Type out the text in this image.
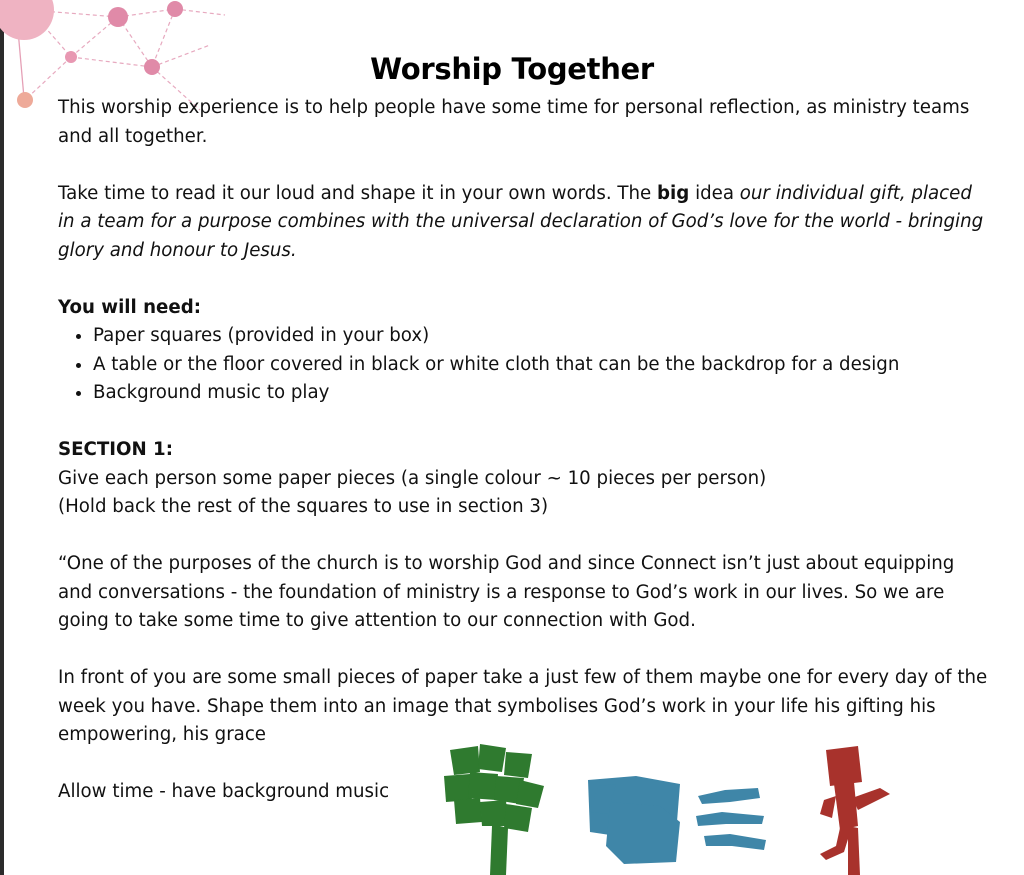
Worship Together

This worship experience is to help people have some time for personal reflection, as ministry teams and all together.

Take time to read it our loud and shape it in your own words. The big idea our individual gift, placed in a team for a purpose combines with the universal declaration of God’s love for the world - bringing glory and honour to Jesus.

You will need:

• Paper squares (provided in your box)
• A table or the floor covered in black or white cloth that can be the backdrop for a design
• Background music to play

SECTION 1:

Give each person some paper pieces (a single colour ~ 10 pieces per person)

(Hold back the rest of the squares to use in section 3)

“One of the purposes of the church is to worship God and since Connect isn’t just about equipping and conversations - the foundation of ministry is a response to God’s work in our lives. So we are going to take some time to give attention to our connection with God.

In front of you are some small pieces of paper take a just few of them maybe one for every day of the week you have. Shape them into an image that symbolises God’s work in your life his gifting his empowering, his grace

Allow time - have background music
